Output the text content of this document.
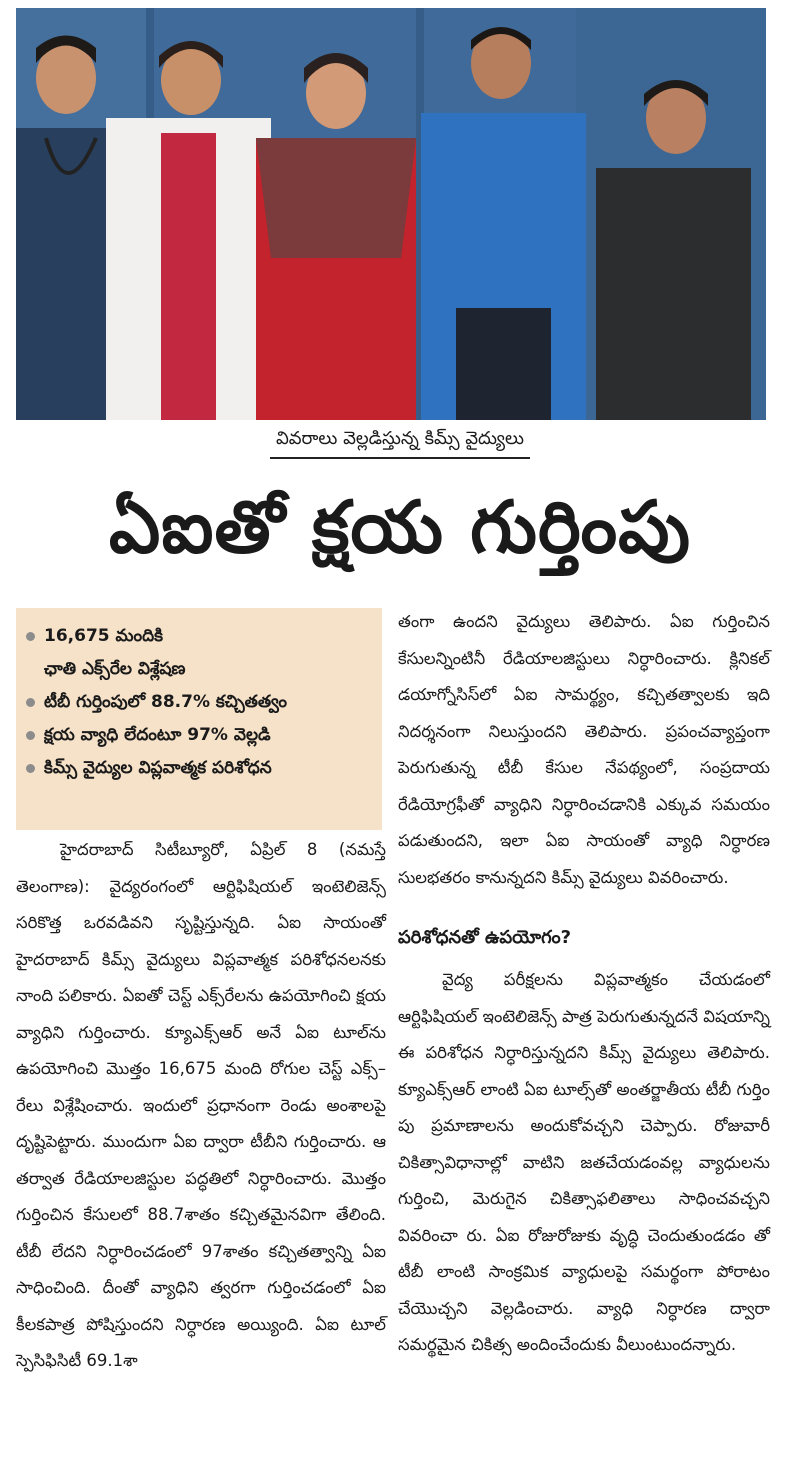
వివరాలు వెల్లడిస్తున్న కిమ్స్ వైద్యులు
ఏఐతో క్షయ గుర్తింపు
16,675 మందికి
ఛాతి ఎక్స్‌రేల విశ్లేషణ
టీబీ గుర్తింపులో 88.7% కచ్చితత్వం
క్షయ వ్యాధి లేదంటూ 97% వెల్లడి
కిమ్స్ వైద్యుల విప్లవాత్మక పరిశోధన

హైదరాబాద్ సిటీబ్యూరో, ఏప్రిల్ 8 (నమస్తే తెలంగాణ): వైద్యరంగంలో ఆర్టిఫిషియల్ ఇంటెలిజెన్స్ సరికొత్త ఒరవడివని సృష్టిస్తున్నది. ఏఐ సాయంతో హైదరాబాద్ కిమ్స్ వైద్యులు విప్లవాత్మక పరిశోధనలనకు నాంది పలికారు. ఏఐతో చెస్ట్ ఎక్స్‌రేలను ఉపయోగించి క్షయ వ్యాధిని గుర్తించారు. క్యూఎక్స్‌ఆర్ అనే ఏఐ టూల్‌ను ఉపయోగించి మొత్తం 16,675 మంది రోగుల చెస్ట్ ఎక్స్–రేలు విశ్లేషించారు. ఇందులో ప్రధానంగా రెండు అంశాలపై దృష్టిపెట్టారు. ముందుగా ఏఐ ద్వారా టీబీని గుర్తించారు. ఆ తర్వాత రేడియాలజిస్టుల పద్ధతిలో నిర్ధారించారు. మొత్తం గుర్తించిన కేసులలో 88.7శాతం కచ్చితమైనవిగా తేలింది. టీబీ లేదని నిర్ధారించడంలో 97శాతం కచ్చితత్వాన్ని ఏఐ సాధించింది. దీంతో వ్యాధిని త్వరగా గుర్తించడంలో ఏఐ కీలకపాత్ర పోషిస్తుందని నిర్ధారణ అయ్యింది. ఏఐ టూల్ స్పెసిఫిసిటీ 69.1శా

తంగా ఉందని వైద్యులు తెలిపారు. ఏఐ గుర్తించిన కేసులన్నింటినీ రేడియాలజిస్టులు నిర్ధారించారు. క్లినికల్ డయాగ్నోసిస్‌లో ఏఐ సామర్థ్యం, కచ్చితత్వాలకు ఇది నిదర్శనంగా నిలుస్తుందని తెలిపారు. ప్రపంచవ్యాప్తంగా పెరుగుతున్న టీబీ కేసుల నేపథ్యంలో, సంప్రదాయ రేడియోగ్రఫీతో వ్యాధిని నిర్ధారించడానికి ఎక్కువ సమయం పడుతుందని, ఇలా ఏఐ సాయంతో వ్యాధి నిర్ధారణ సులభతరం కానున్నదని కిమ్స్ వైద్యులు వివరించారు.

పరిశోధనతో ఉపయోగం?

వైద్య పరీక్షలను విప్లవాత్మకం చేయడంలో ఆర్టిఫిషియల్ ఇంటెలిజెన్స్ పాత్ర పెరుగుతున్నదనే విషయాన్ని ఈ పరిశోధన నిర్ధారిస్తున్నదని కిమ్స్ వైద్యులు తెలిపారు. క్యూఎక్స్‌ఆర్ లాంటి ఏఐ టూల్స్‌తో అంతర్జాతీయ టీబీ గుర్తిం పు ప్రమాణాలను అందుకోవచ్చని చెప్పారు. రోజువారీ చికిత్సావిధానాల్లో వాటిని జతచేయడంవల్ల వ్యాధులను గుర్తించి, మెరుగైన చికిత్సాఫలితాలు సాధించవచ్చని వివరించా రు. ఏఐ రోజురోజుకు వృద్ధి చెందుతుండడం తో టీబీ లాంటి సాంక్రమిక వ్యాధులపై సమర్థంగా పోరాటం చేయొచ్చని వెల్లడించారు. వ్యాధి నిర్ధారణ ద్వారా సమర్థమైన చికిత్స అందించేందుకు వీలుంటుందన్నారు.
